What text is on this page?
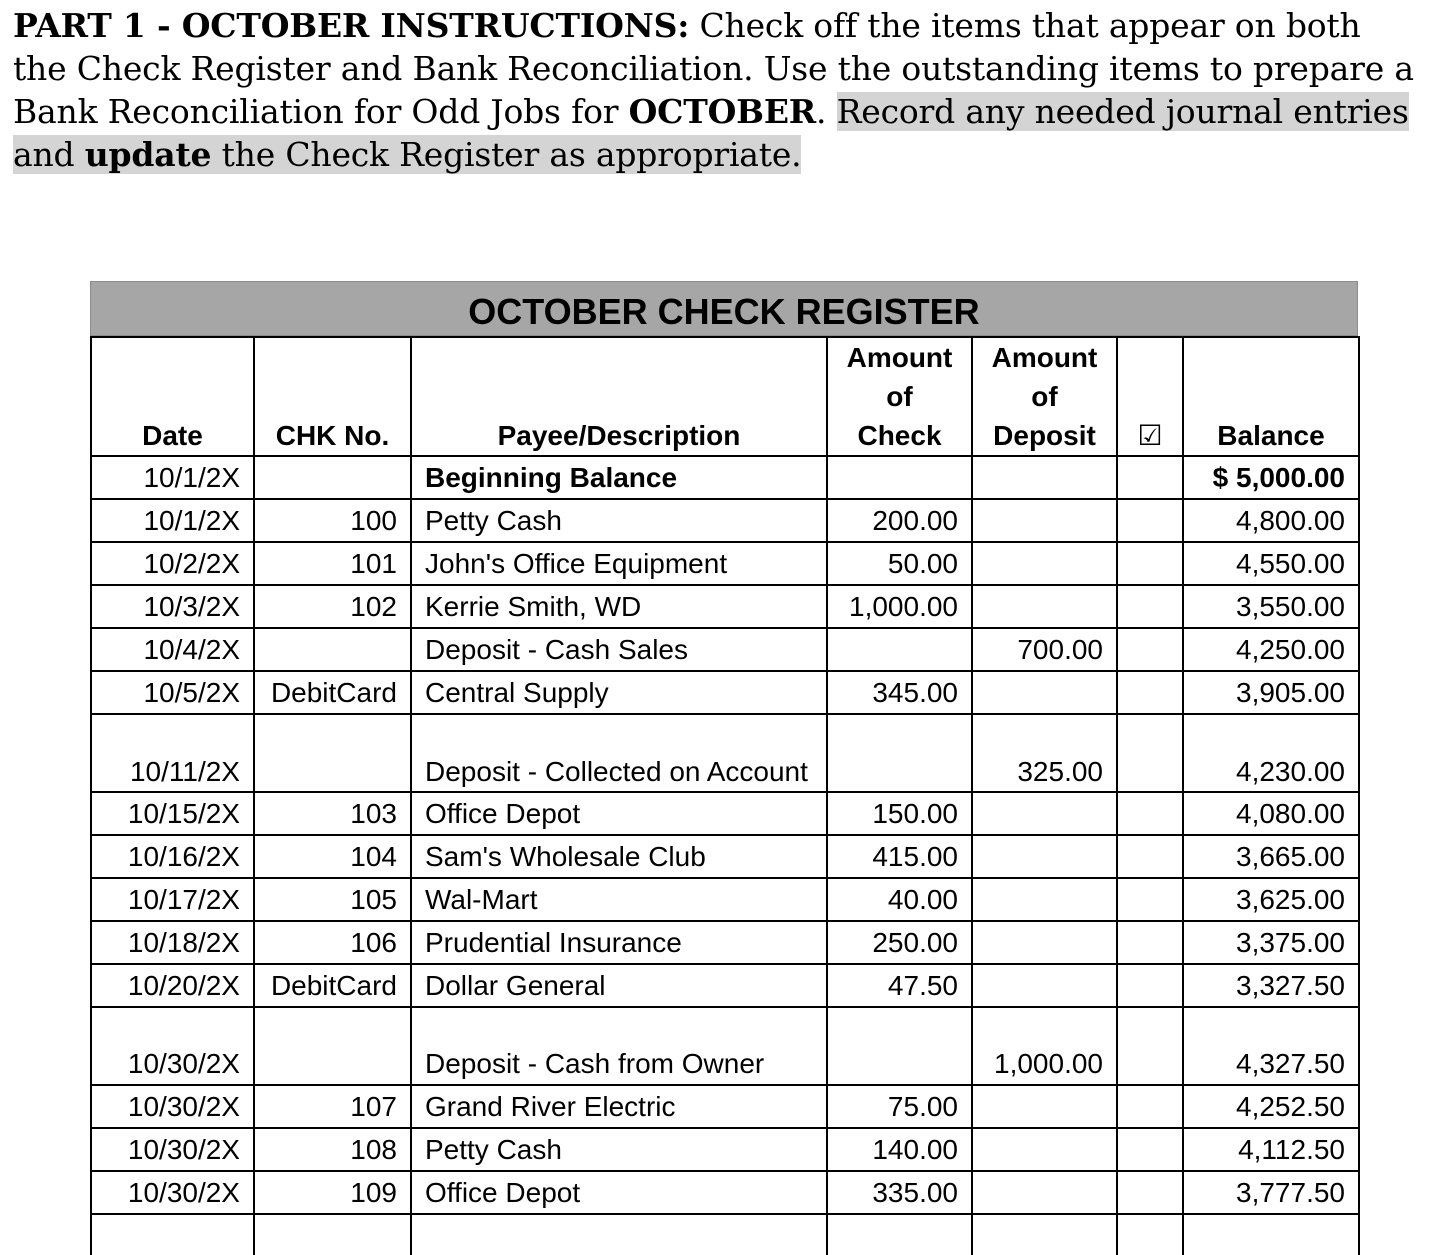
PART 1 - OCTOBER INSTRUCTIONS: Check off the items that appear on both the Check Register and Bank Reconciliation. Use the outstanding items to prepare a Bank Reconciliation for Odd Jobs for OCTOBER. Record any needed journal entries and update the Check Register as appropriate.
OCTOBER CHECK REGISTER
Date	CHK No.	Payee/Description	Amount of Check	Amount of Deposit	☑	Balance
10/1/2X		Beginning Balance				$ 5,000.00
10/1/2X	100	Petty Cash	200.00			4,800.00
10/2/2X	101	John's Office Equipment	50.00			4,550.00
10/3/2X	102	Kerrie Smith, WD	1,000.00			3,550.00
10/4/2X		Deposit - Cash Sales		700.00		4,250.00
10/5/2X	DebitCard	Central Supply	345.00			3,905.00
10/11/2X		Deposit - Collected on Account		325.00		4,230.00
10/15/2X	103	Office Depot	150.00			4,080.00
10/16/2X	104	Sam's Wholesale Club	415.00			3,665.00
10/17/2X	105	Wal-Mart	40.00			3,625.00
10/18/2X	106	Prudential Insurance	250.00			3,375.00
10/20/2X	DebitCard	Dollar General	47.50			3,327.50
10/30/2X		Deposit - Cash from Owner		1,000.00		4,327.50
10/30/2X	107	Grand River Electric	75.00			4,252.50
10/30/2X	108	Petty Cash	140.00			4,112.50
10/30/2X	109	Office Depot	335.00			3,777.50
